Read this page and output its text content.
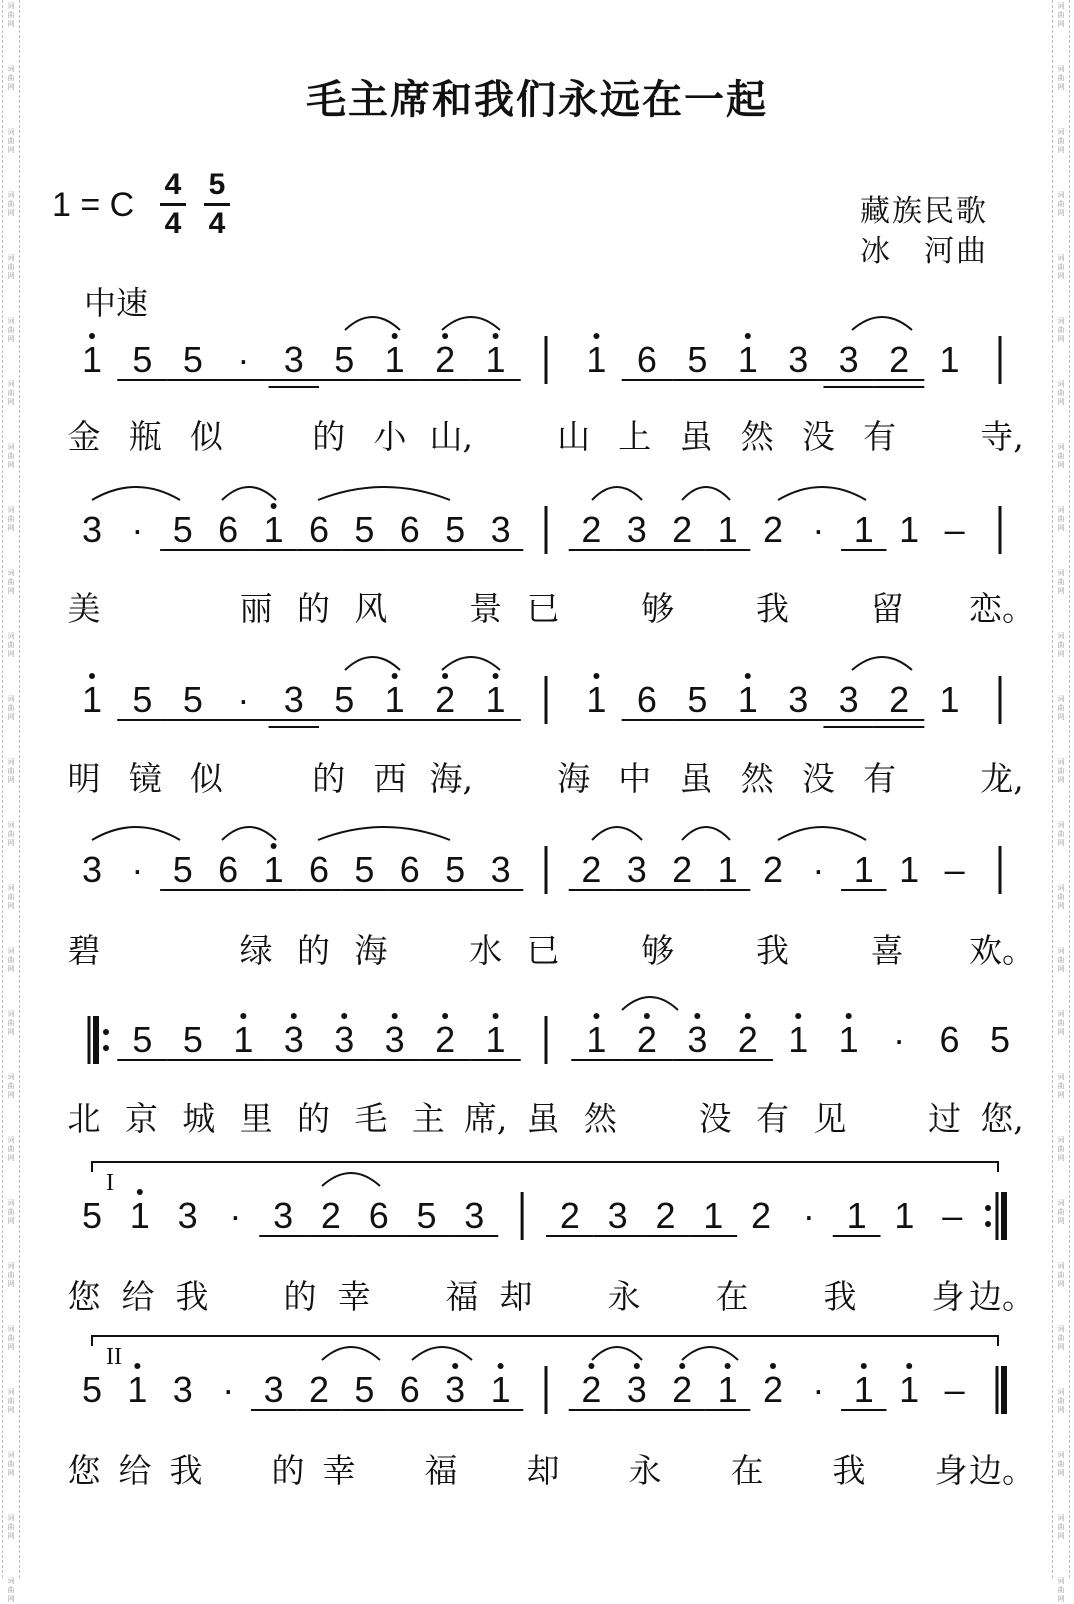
词
曲
网
词
曲
网
词
曲
网
词
曲
网
词
曲
网
词
曲
网
词
曲
网
词
曲
网
词
曲
网
词
曲
网
词
曲
网
词
曲
网
词
曲
网
词
曲
网
词
曲
网
词
曲
网
词
曲
网
词
曲
网
词
曲
网
词
曲
网
词
曲
网
词
曲
网
词
曲
网
词
曲
网
词
曲
网
词
曲
网
词
曲
网
词
曲
网
词
曲
网
词
曲
网
词
曲
网
词
曲
网
词
曲
网
词
曲
网
词
曲
网
词
曲
网
词
曲
网
词
曲
网
词
曲
网
词
曲
网
词
曲
网
词
曲
网
词
曲
网
词
曲
网
词
曲
网
词
曲
网
词
曲
网
词
曲
网
词
曲
网
词
曲
网
词
曲
网
词
曲
网
毛主席和我们永远在一起
1 = C
4
4
5
4	藏族民歌
冰　河曲
中速
1 5 5 · 3 5 1 2 1 1 6 5 1 3 3 2 1
金 瓶 似	的 小 山,	山 上 虽 然 没 有	寺,
3 · 5 6 1 6 5 6 5 3 2 3 2 1 2 · 1 1 –
美	丽 的 风 景 已 够 我 留 恋。
1 5 5 · 3 5 1 2 1 1 6 5 1 3 3 2 1
明 镜 似	的 西 海,	海 中 虽 然 没 有	龙,
3 · 5 6 1 6 5 6 5 3 2 3 2 1 2 · 1 1 –
碧	绿 的 海 水 已 够 我 喜 欢。
5 5 1 3 3 3 2 1 1 2 3 2 1 1 · 6 5
北 京 城 里 的 毛 主 席, 虽 然 没 有 见 过 您,
5 1 3 · 3 2 6 5 3 2 3 2 1 2 · 1 1 –
您 给 我 的 幸 福 却 永 在 我 身 边。
I
5 1 3 · 3 2 5 6 3 1 2 3 2 1 2 · 1 1 –
您 给 我 的 幸 福 却 永 在 我 身 边。
II
